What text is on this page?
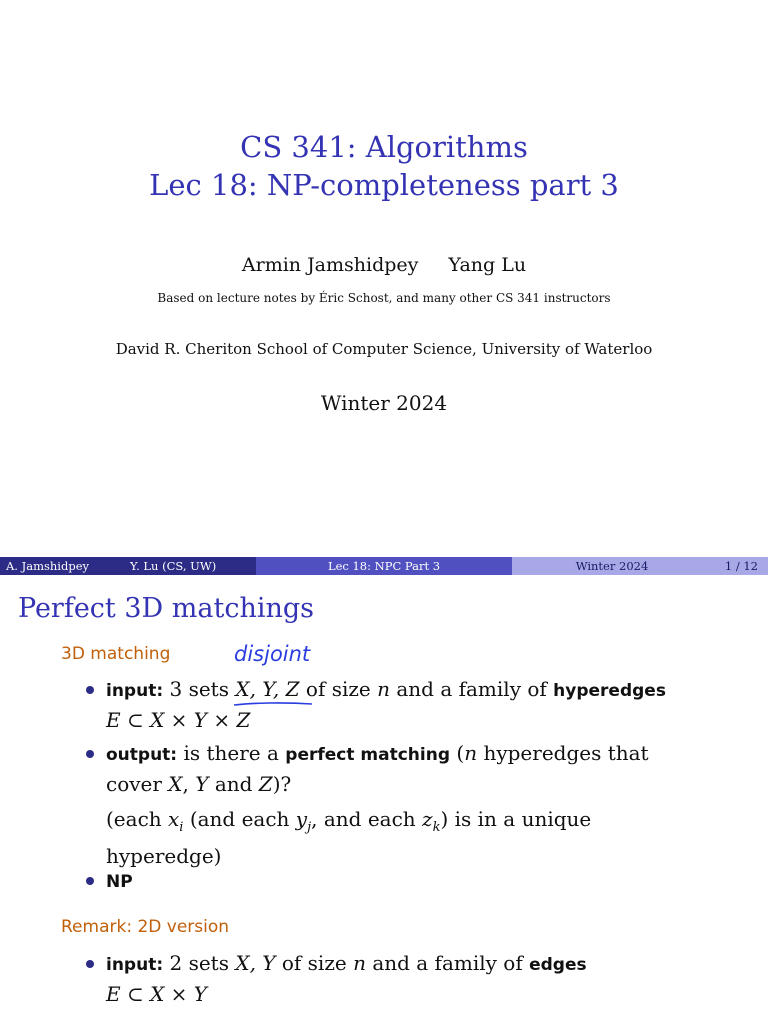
CS 341: Algorithms
Lec 18: NP-completeness part 3
Armin Jamshidpey Yang Lu
Based on lecture notes by Éric Schost, and many other CS 341 instructors
David R. Cheriton School of Computer Science, University of Waterloo
Winter 2024
A. Jamshidpey	Y. Lu (CS, UW)	Lec 18: NPC Part 3	Winter 2024	1 / 12
Perfect 3D matchings
3D matching	disjoint
input: 3 sets X, Y, Z of size n and a family of hyperedges
E ⊂ X × Y × Z
output: is there a perfect matching (n hyperedges that
cover X, Y and Z)?
(each $x_i$ (and each $y_j$, and each $z_k$) is in a unique
hyperedge)
NP
Remark: 2D version
input: 2 sets X, Y of size n and a family of edges
E ⊂ X × Y
